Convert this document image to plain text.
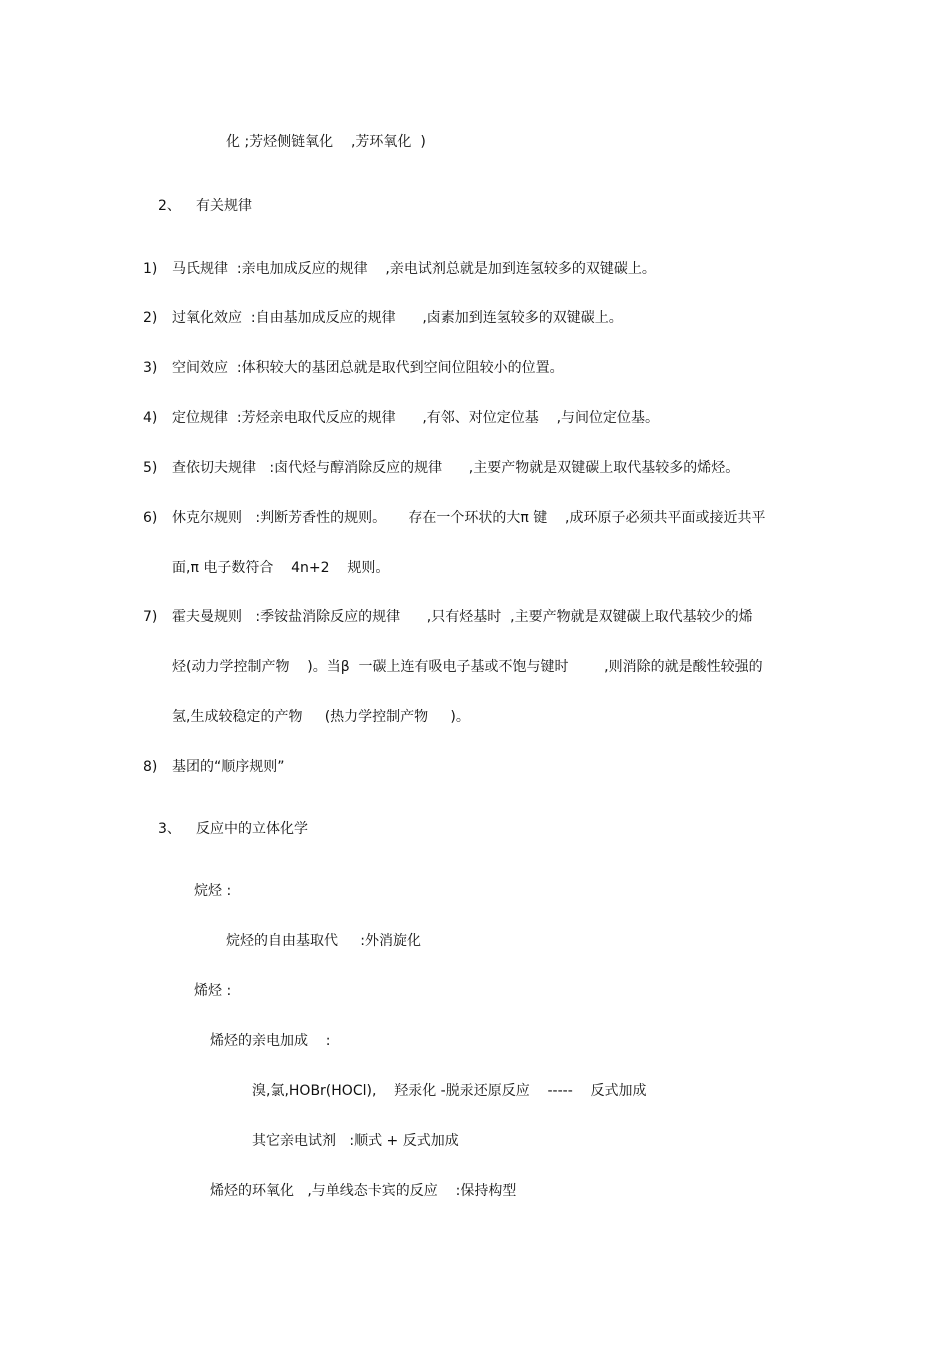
化 ;芳烃侧链氧化    ,芳环氧化  )
2、 有关规律
1) 马氏规律  :亲电加成反应的规律    ,亲电试剂总就是加到连氢较多的双键碳上。
2) 过氧化效应  :自由基加成反应的规律      ,卤素加到连氢较多的双键碳上。
3) 空间效应  :体积较大的基团总就是取代到空间位阻较小的位置。
4) 定位规律  :芳烃亲电取代反应的规律      ,有邻、对位定位基    ,与间位定位基。
5) 查依切夫规律   :卤代烃与醇消除反应的规律      ,主要产物就是双键碳上取代基较多的烯烃。
6) 休克尔规则   :判断芳香性的规则。     存在一个环状的大π 键    ,成环原子必须共平面或接近共平
面,π 电子数符合    4n+2    规则。
7) 霍夫曼规则   :季铵盐消除反应的规律      ,只有烃基时  ,主要产物就是双键碳上取代基较少的烯
烃(动力学控制产物    )。当β  一碳上连有吸电子基或不饱与键时        ,则消除的就是酸性较强的
氢,生成较稳定的产物     (热力学控制产物     )。
8) 基团的“顺序规则”
3、 反应中的立体化学
烷烃 :
烷烃的自由基取代     :外消旋化
烯烃 :
烯烃的亲电加成    :
溴,氯,HOBr(HOCl),    羟汞化 -脱汞还原反应    -----    反式加成
其它亲电试剂   :顺式 + 反式加成
烯烃的环氧化   ,与单线态卡宾的反应    :保持构型
